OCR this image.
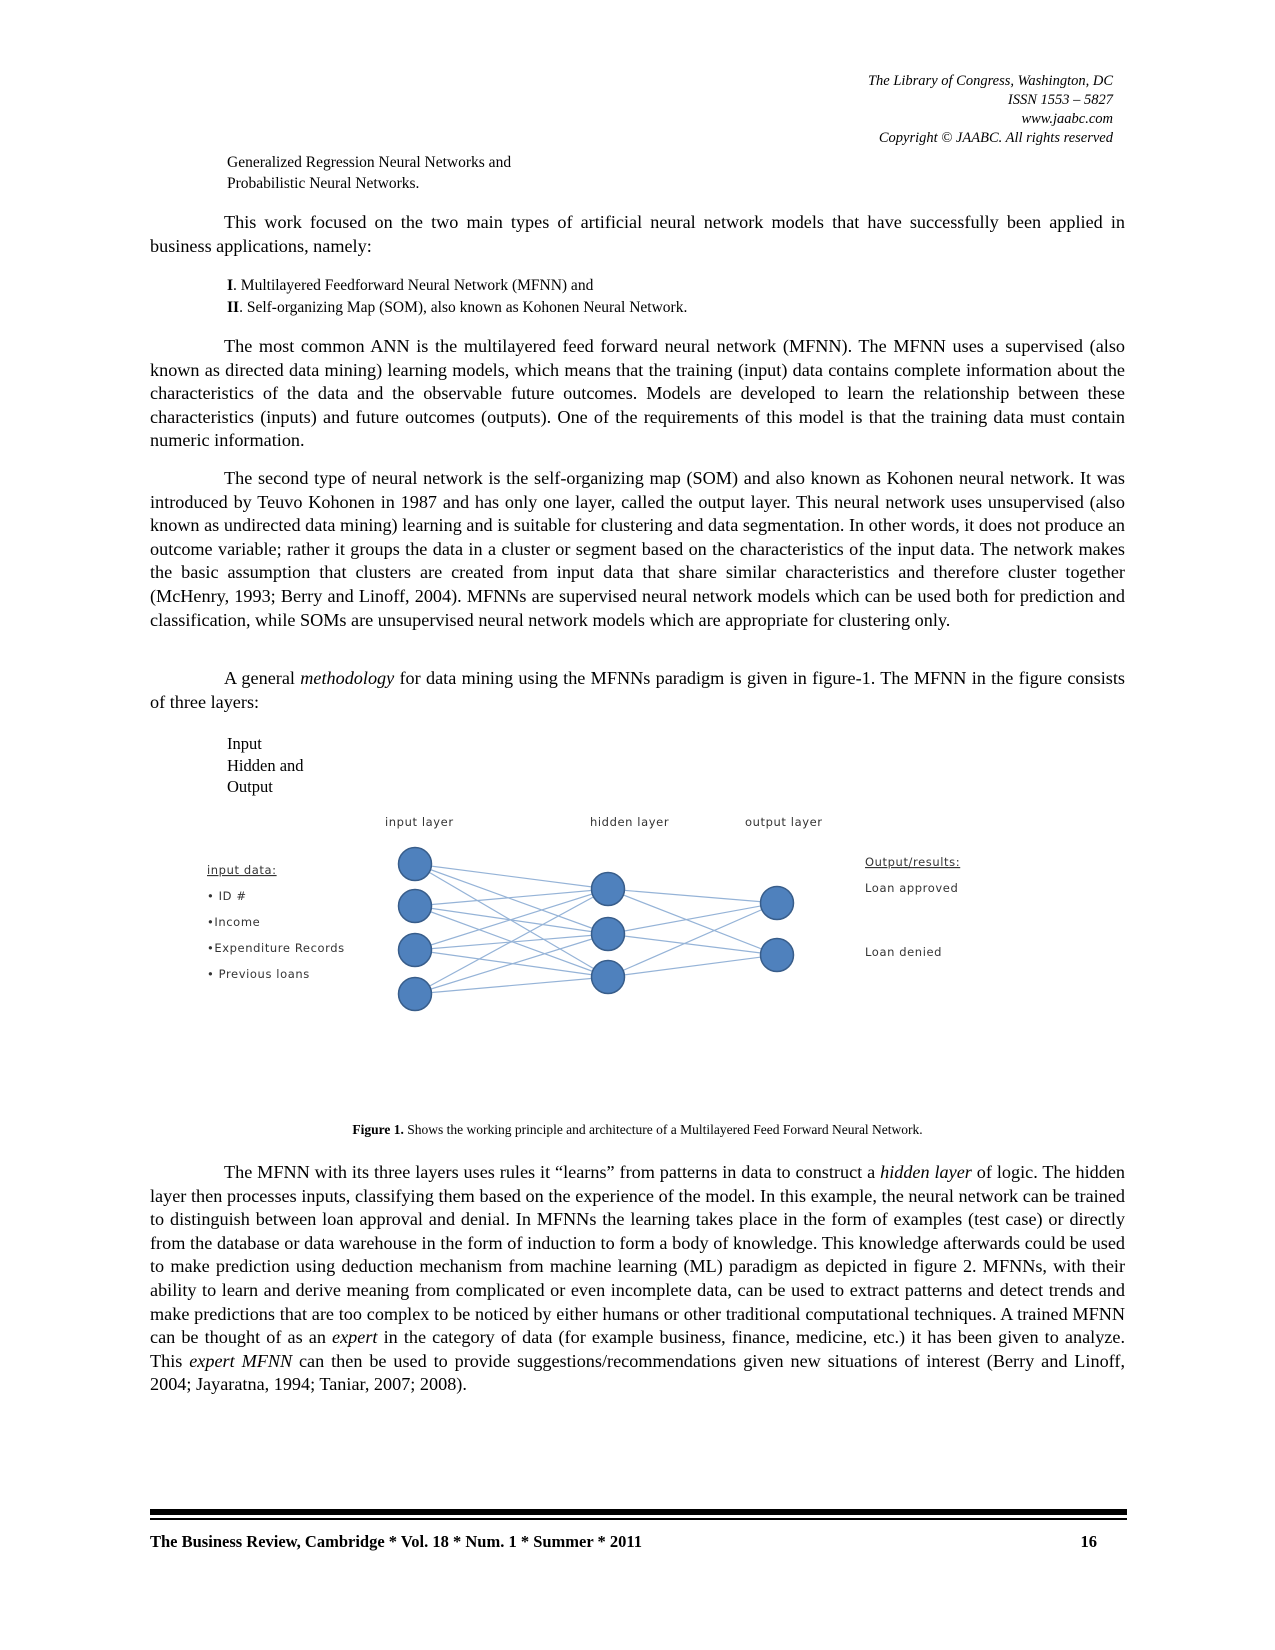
The Library of Congress, Washington, DC
ISSN 1553 – 5827
www.jaabc.com
Copyright © JAABC. All rights reserved
Generalized Regression Neural Networks and
Probabilistic Neural Networks.
This work focused on the two main types of artificial neural network models that have successfully been applied in business applications, namely:
I. Multilayered Feedforward Neural Network (MFNN) and
II. Self-organizing Map (SOM), also known as Kohonen Neural Network.
The most common ANN is the multilayered feed forward neural network (MFNN). The MFNN uses a supervised (also known as directed data mining) learning models, which means that the training (input) data contains complete information about the characteristics of the data and the observable future outcomes. Models are developed to learn the relationship between these characteristics (inputs) and future outcomes (outputs). One of the requirements of this model is that the training data must contain numeric information.
The second type of neural network is the self-organizing map (SOM) and also known as Kohonen neural network. It was introduced by Teuvo Kohonen in 1987 and has only one layer, called the output layer. This neural network uses unsupervised (also known as undirected data mining) learning and is suitable for clustering and data segmentation. In other words, it does not produce an outcome variable; rather it groups the data in a cluster or segment based on the characteristics of the input data. The network makes the basic assumption that clusters are created from input data that share similar characteristics and therefore cluster together (McHenry, 1993; Berry and Linoff, 2004). MFNNs are supervised neural network models which can be used both for prediction and classification, while SOMs are unsupervised neural network models which are appropriate for clustering only.
A general methodology for data mining using the MFNNs paradigm is given in figure-1. The MFNN in the figure consists of three layers:
Input
Hidden and
Output
input layer	hidden layer	output layer
input data:
• ID #
•Income
•Expenditure Records
• Previous loans
Output/results:
Loan approved
Loan denied
Figure 1. Shows the working principle and architecture of a Multilayered Feed Forward Neural Network.
The MFNN with its three layers uses rules it “learns” from patterns in data to construct a hidden layer of logic. The hidden layer then processes inputs, classifying them based on the experience of the model. In this example, the neural network can be trained to distinguish between loan approval and denial. In MFNNs the learning takes place in the form of examples (test case) or directly from the database or data warehouse in the form of induction to form a body of knowledge. This knowledge afterwards could be used to make prediction using deduction mechanism from machine learning (ML) paradigm as depicted in figure 2. MFNNs, with their ability to learn and derive meaning from complicated or even incomplete data, can be used to extract patterns and detect trends and make predictions that are too complex to be noticed by either humans or other traditional computational techniques. A trained MFNN can be thought of as an expert in the category of data (for example business, finance, medicine, etc.) it has been given to analyze. This expert MFNN can then be used to provide suggestions/recommendations given new situations of interest (Berry and Linoff, 2004; Jayaratna, 1994; Taniar, 2007; 2008).
The Business Review, Cambridge * Vol. 18 * Num. 1 * Summer * 2011	16
